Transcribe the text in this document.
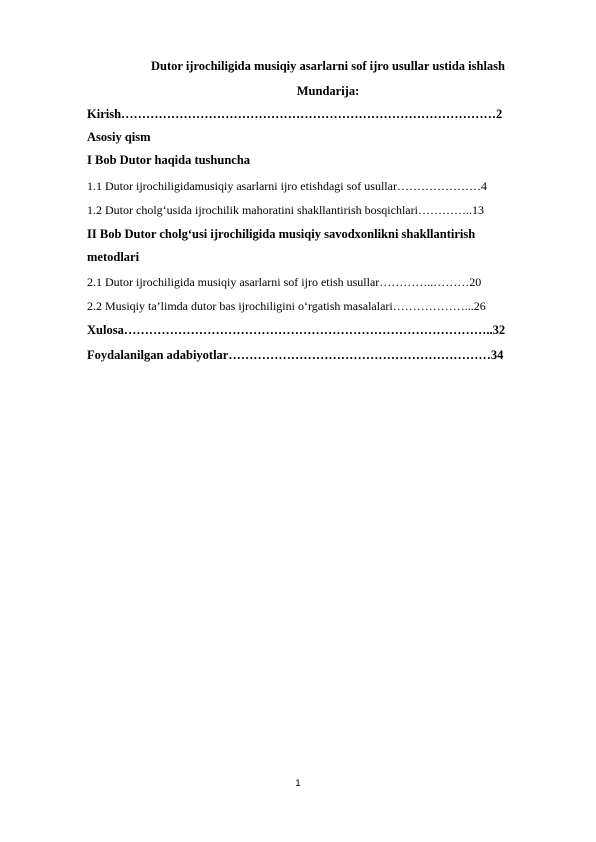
Dutor ijrochiligida musiqiy asarlarni sof ijro usullar ustida ishlash
Mundarija:
Kirish………………………………………………………………………………2
Asosiy qism
I Bob Dutor haqida tushuncha
1.1 Dutor ijrochiligidamusiqiy asarlarni ijro etishdagi sof usullar…………………4
1.2 Dutor cholg‘usida ijrochilik mahoratini shakllantirish bosqichlari…………..13
II Bob Dutor cholg‘usi ijrochiligida musiqiy savodxonlikni shakllantirish
metodlari
2.1 Dutor ijrochiligida musiqiy asarlarni sof ijro etish usullar…………..………20
2.2 Musiqiy ta’limda dutor bas ijrochiligini o‘rgatish masalalari………………...26
Xulosa……………………………………………………………………………..32
Foydalanilgan adabiyotlar………………………………………………………34
1
